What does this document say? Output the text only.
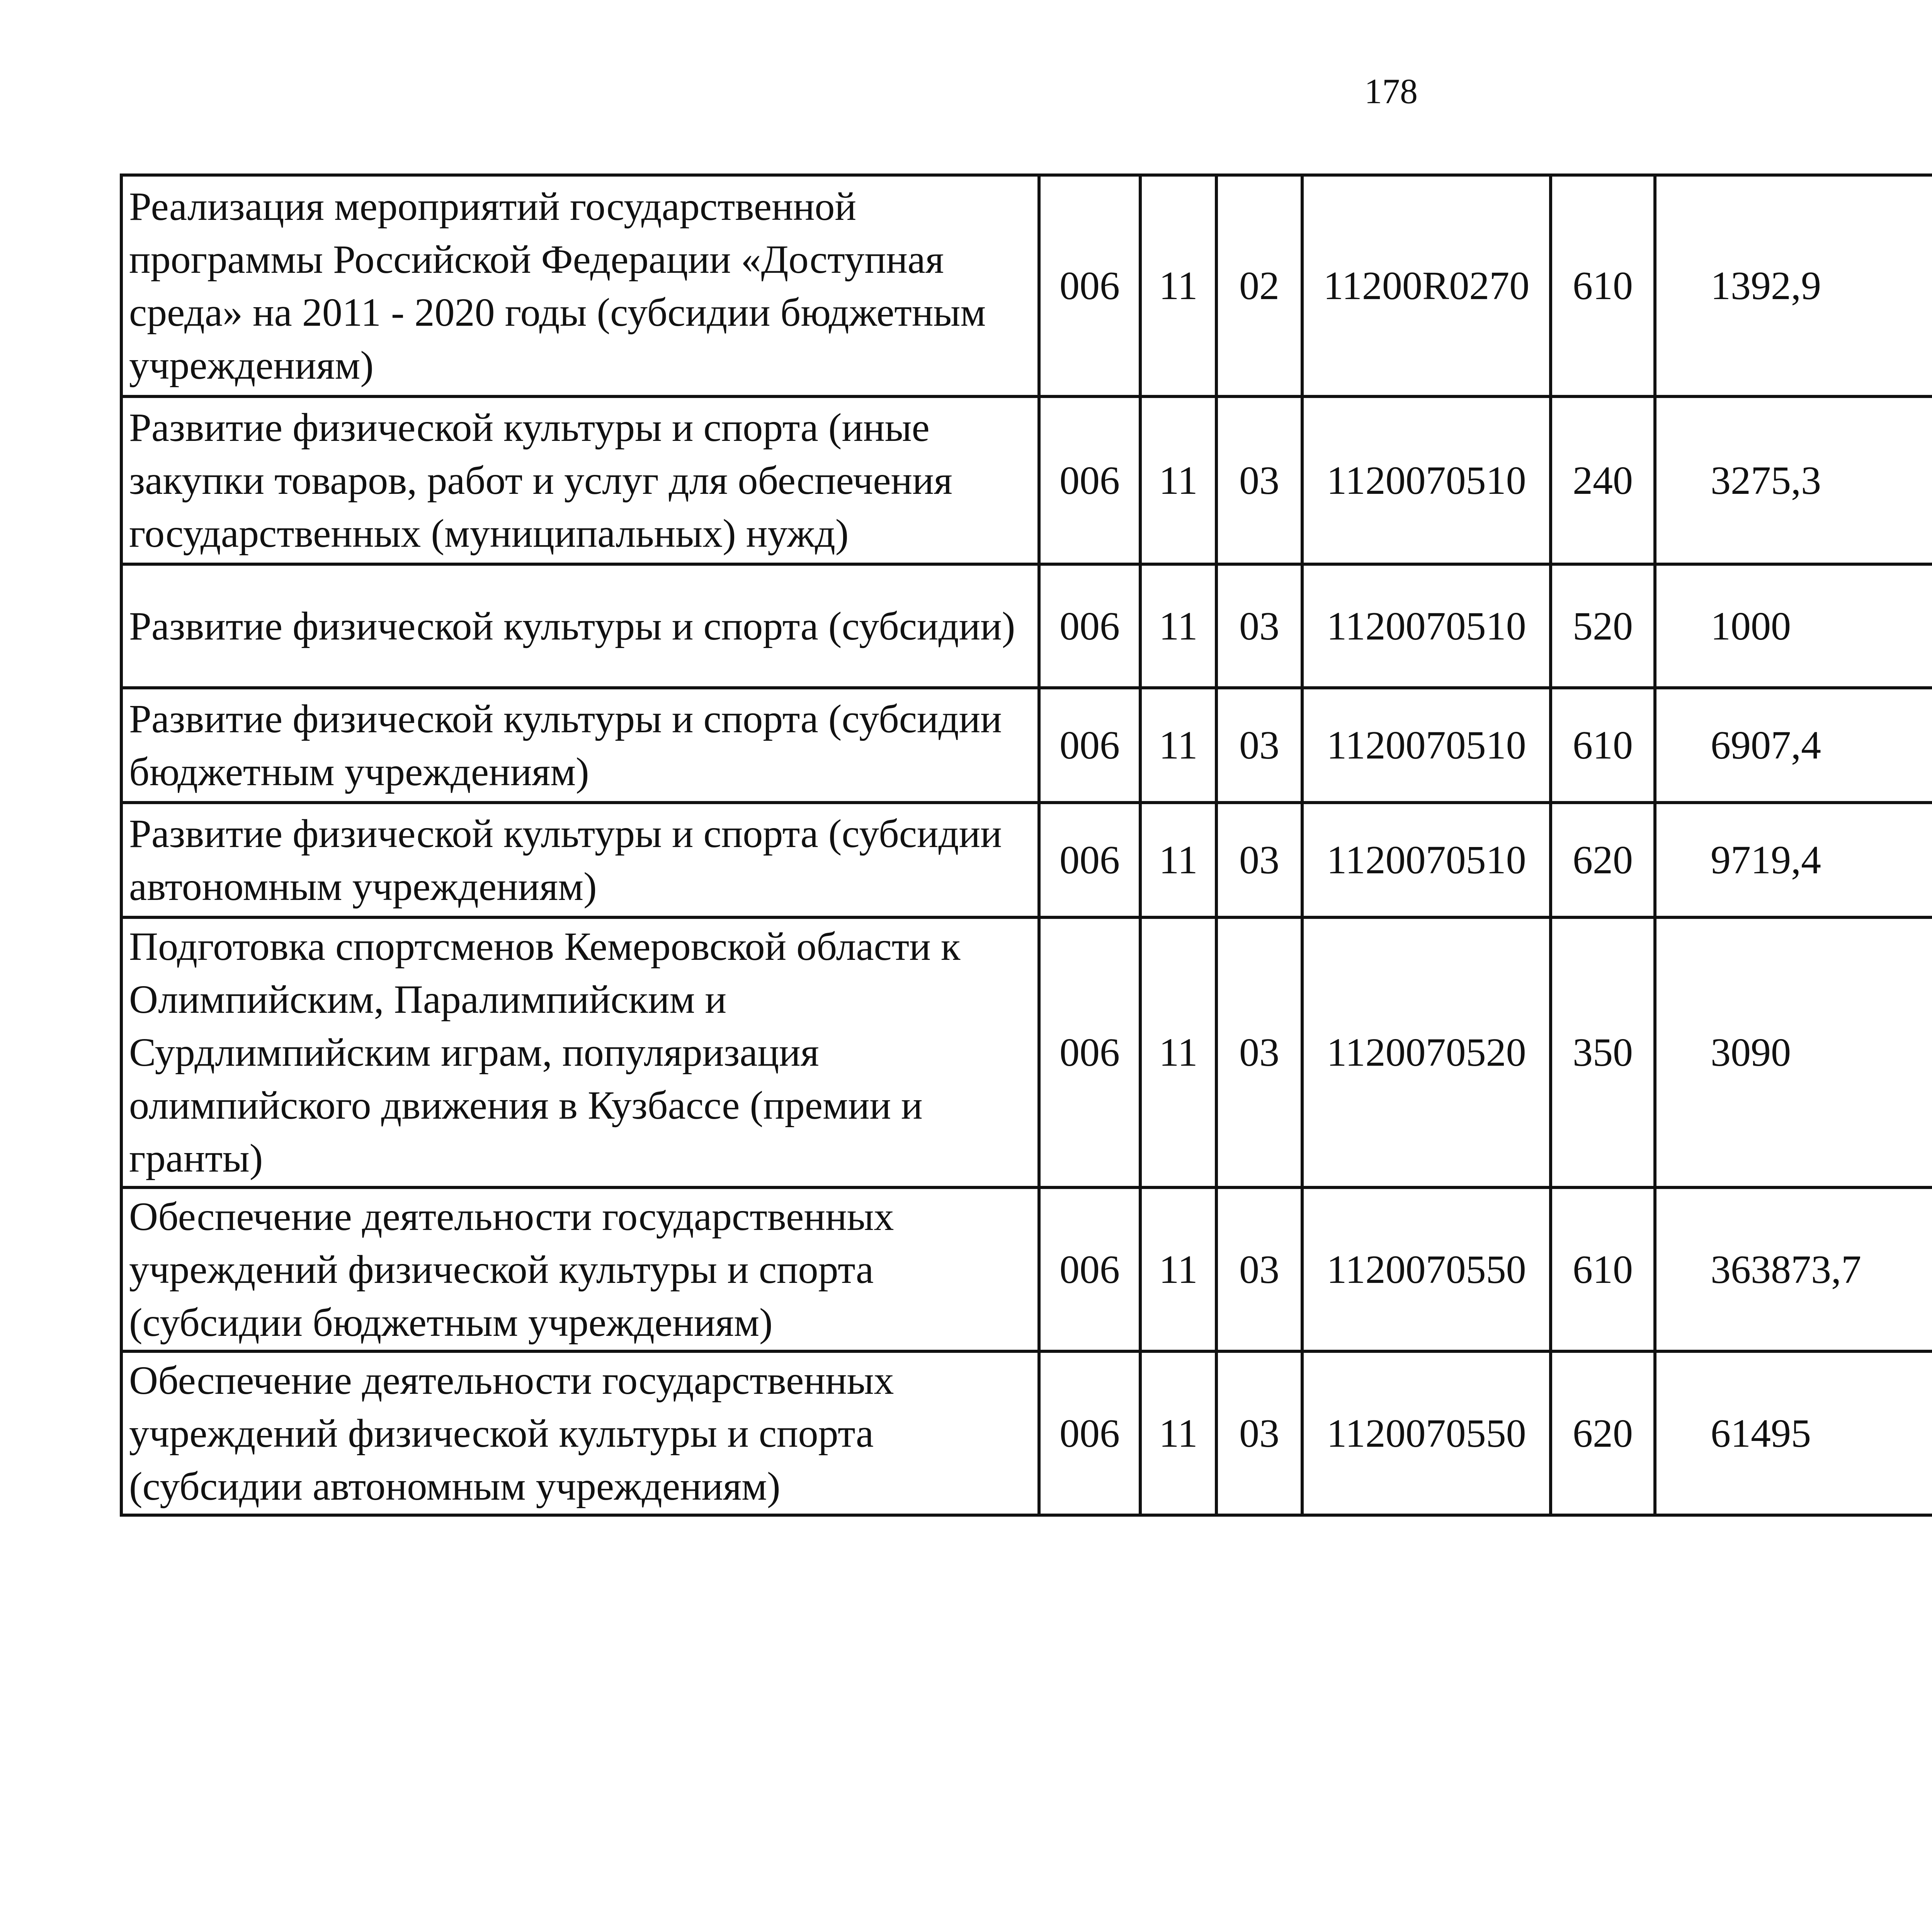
178
Реализация мероприятий государственной программы Российской Федерации «Доступная среда» на 2011 - 2020 годы (субсидии бюджетным учреждениям)	006	11	02	11200R0270	610	1392,9		
Развитие физической культуры и спорта (иные закупки товаров, работ и услуг для обеспечения государственных (муниципальных) нужд)	006	11	03	1120070510	240	3275,3		
Развитие физической культуры и спорта (субсидии)	006	11	03	1120070510	520	1000		
Развитие физической культуры и спорта (субсидии бюджетным учреждениям)	006	11	03	1120070510	610	6907,4		
Развитие физической культуры и спорта (субсидии автономным учреждениям)	006	11	03	1120070510	620	9719,4		
Подготовка спортсменов Кемеровской области к Олимпийским, Паралимпийским и Сурдлимпийским играм, популяризация олимпийского движения в Кузбассе (премии и гранты)	006	11	03	1120070520	350	3090		
Обеспечение деятельности государственных учреждений физической культуры и спорта (субсидии бюджетным учреждениям)	006	11	03	1120070550	610	363873,7		
Обеспечение деятельности государственных учреждений физической культуры и спорта (субсидии автономным учреждениям)	006	11	03	1120070550	620	61495		
